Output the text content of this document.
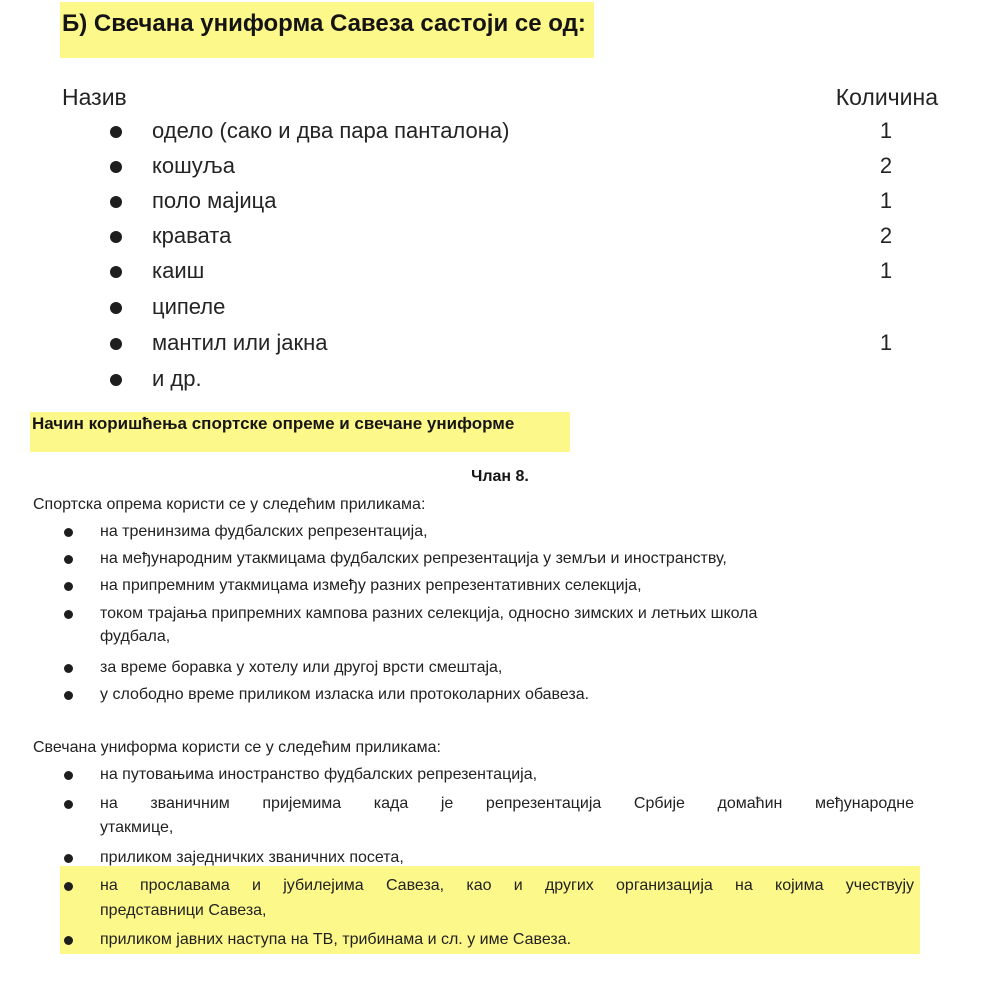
Б) Свечана униформа Савеза састоји се од:
Назив	Количина
одело (сако и два пара панталона)	1
кошуља	2
поло мајица	1
кравата	2
каиш	1
ципеле
мантил или јакна	1
и др.
Начин коришћења спортске опреме и свечане униформе
Члан 8.
Спортска опрема користи се у следећим приликама:
на тренинзима фудбалских репрезентација,
на међународним утакмицама фудбалских репрезентација у земљи и иностранству,
на припремним утакмицама између разних репрезентативних селекција,
током трајања припремних кампова разних селекција, односно зимских и летњих школа
фудбала,
за време боравка у хотелу или другој врсти смештаја,
у слободно време приликом изласка или протоколарних обавеза.
Свечана униформа користи се у следећим приликама:
на путовањима иностранство фудбалских репрезентација,
на званичним пријемима када је репрезентација Србије домаћин међународне
утакмице,
приликом заједничких званичних посета,
на прославама и јубилејима Савеза, као и других организација на којима учествују
представници Савеза,
приликом јавних наступа на ТВ, трибинама и сл. у име Савеза.
